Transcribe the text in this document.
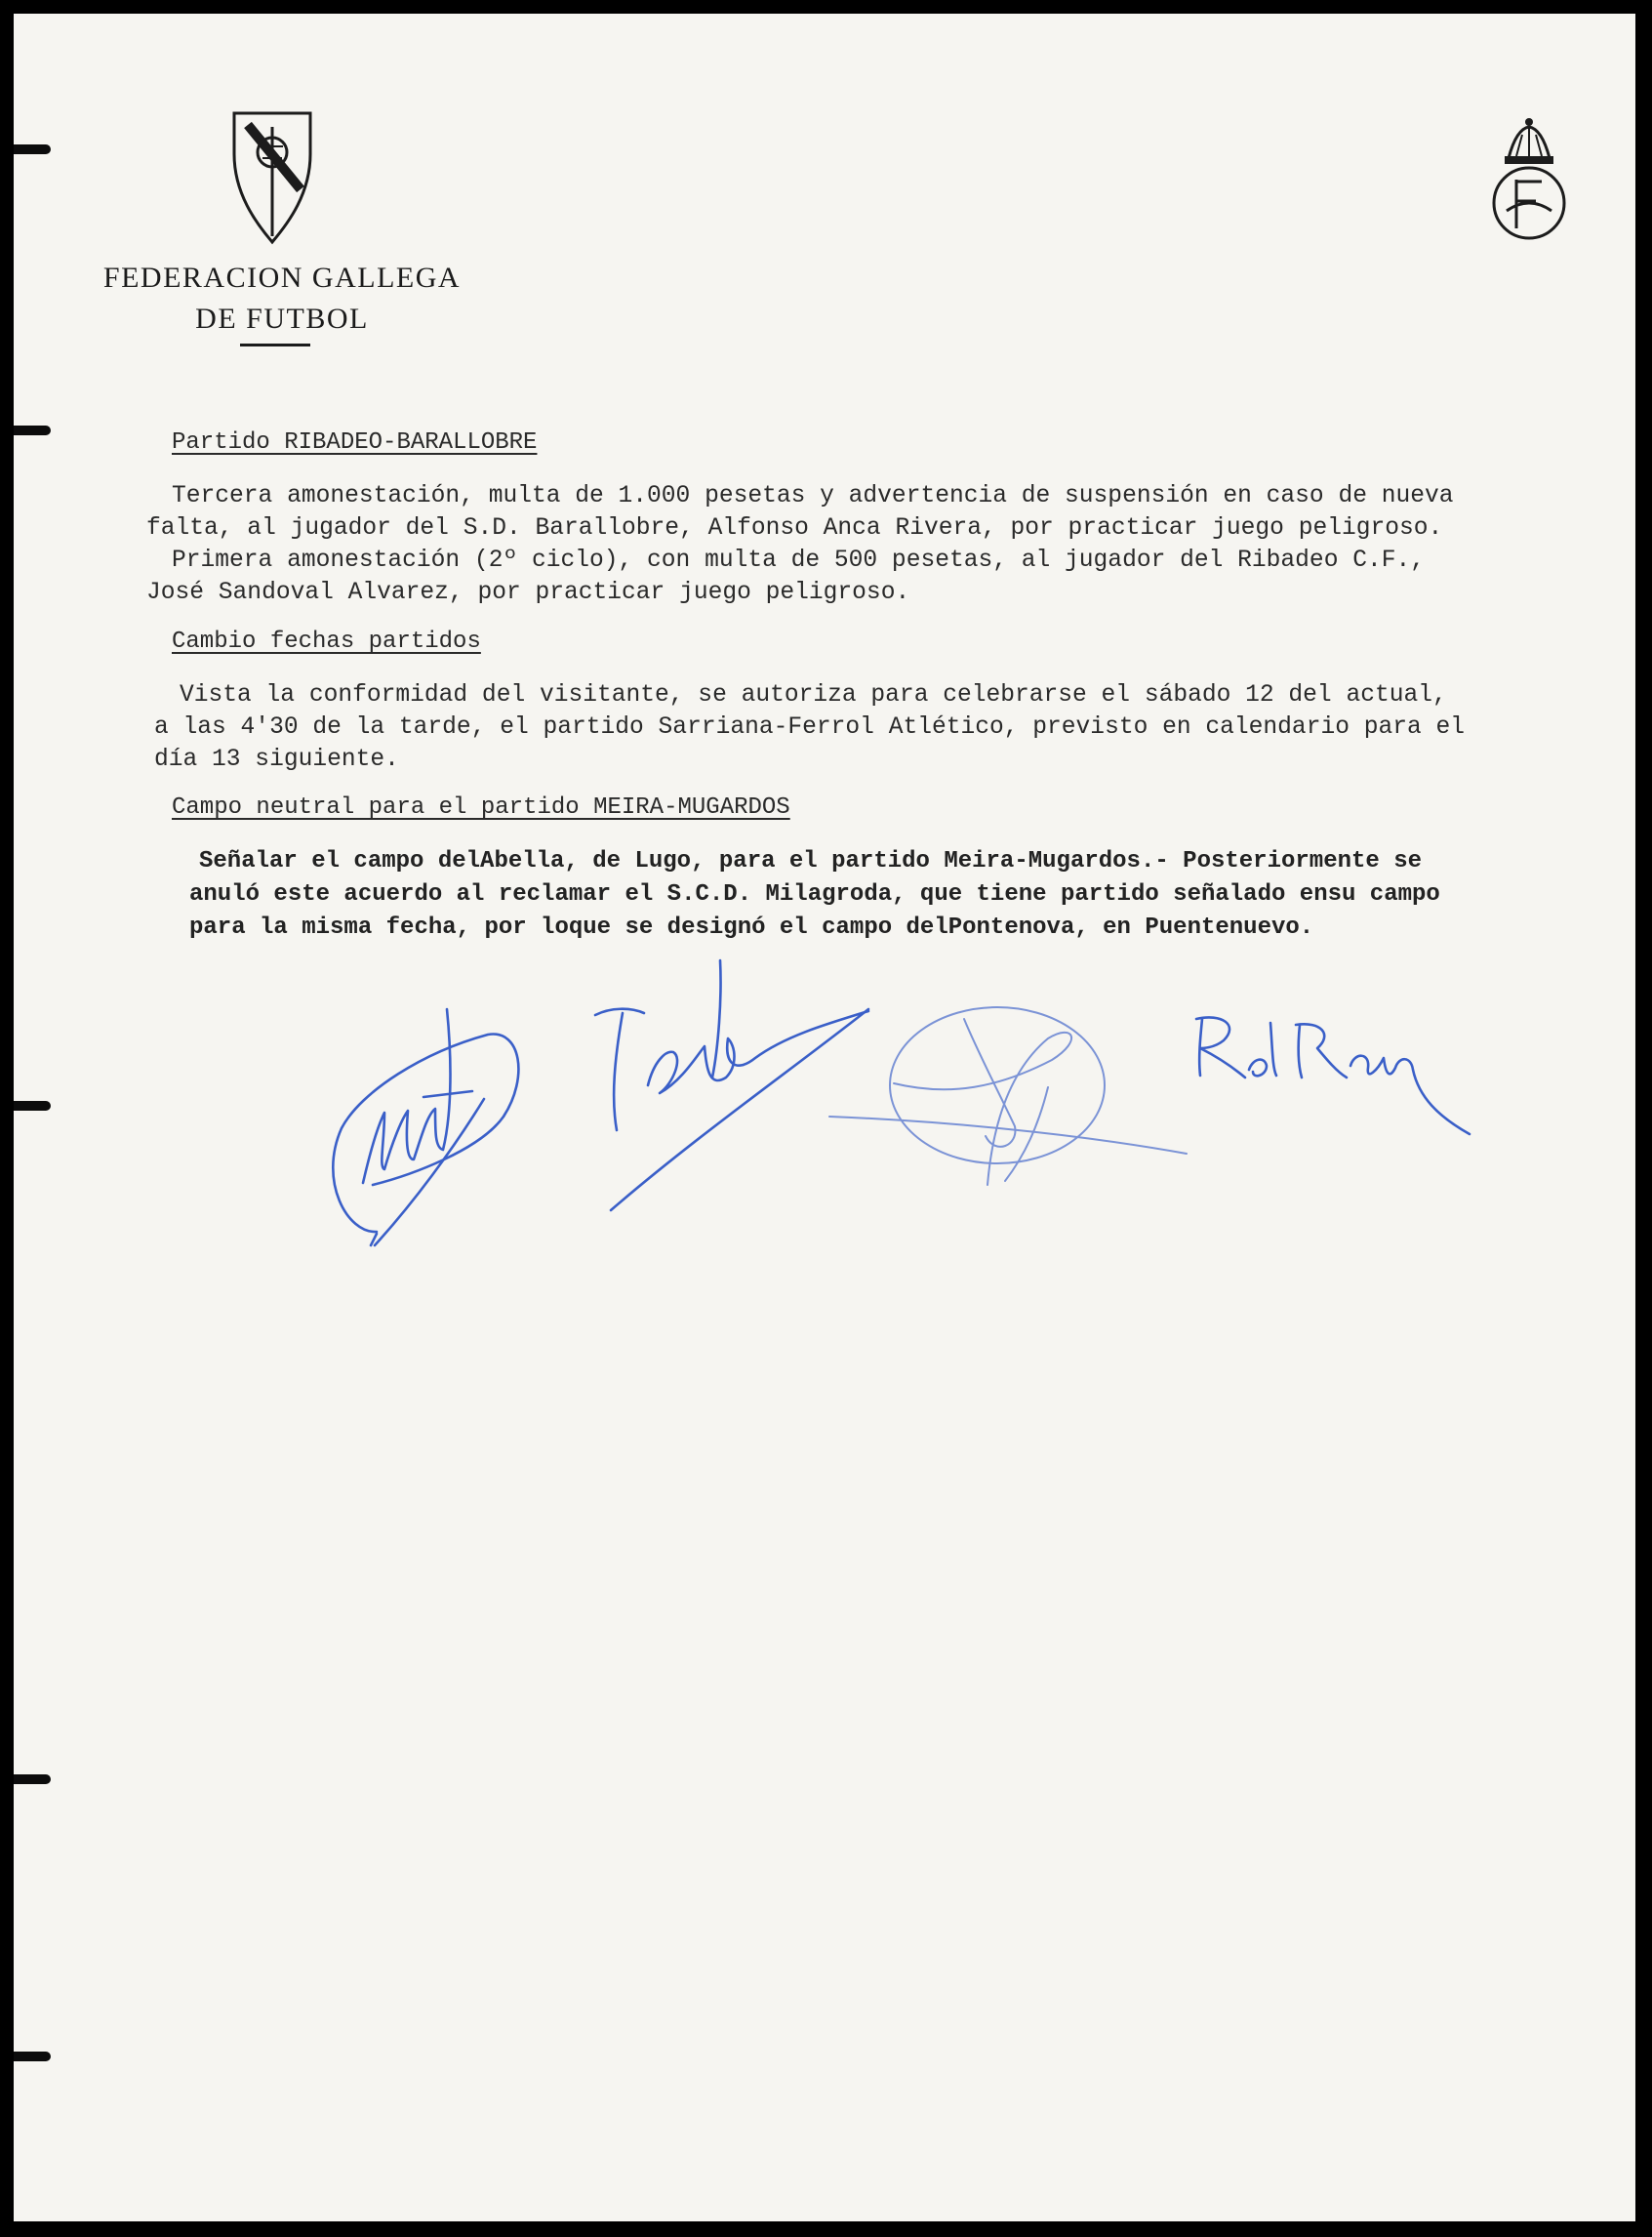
FEDERACION GALLEGA
DE FUTBOL
Partido RIBADEO-BARALLOBRE

Tercera amonestación, multa de 1.000 pesetas y advertencia de suspensión en caso de nueva

falta, al jugador del S.D. Barallobre, Alfonso Anca Rivera, por practicar juego peligroso.

Primera amonestación (2º ciclo), con multa de 500 pesetas, al jugador del Ribadeo C.F.,

José Sandoval Alvarez, por practicar juego peligroso.

Cambio fechas partidos

Vista la conformidad del visitante, se autoriza para celebrarse el sábado 12 del actual,

a las 4'30 de la tarde, el partido Sarriana-Ferrol Atlético, previsto en calendario para el

día 13 siguiente.

Campo neutral para el partido MEIRA-MUGARDOS

Señalar el campo delAbella, de Lugo, para el partido Meira-Mugardos.- Posteriormente se

anuló este acuerdo al reclamar el S.C.D. Milagroda, que tiene partido señalado ensu campo

para la misma fecha, por loque se designó el campo delPontenova, en Puentenuevo.
